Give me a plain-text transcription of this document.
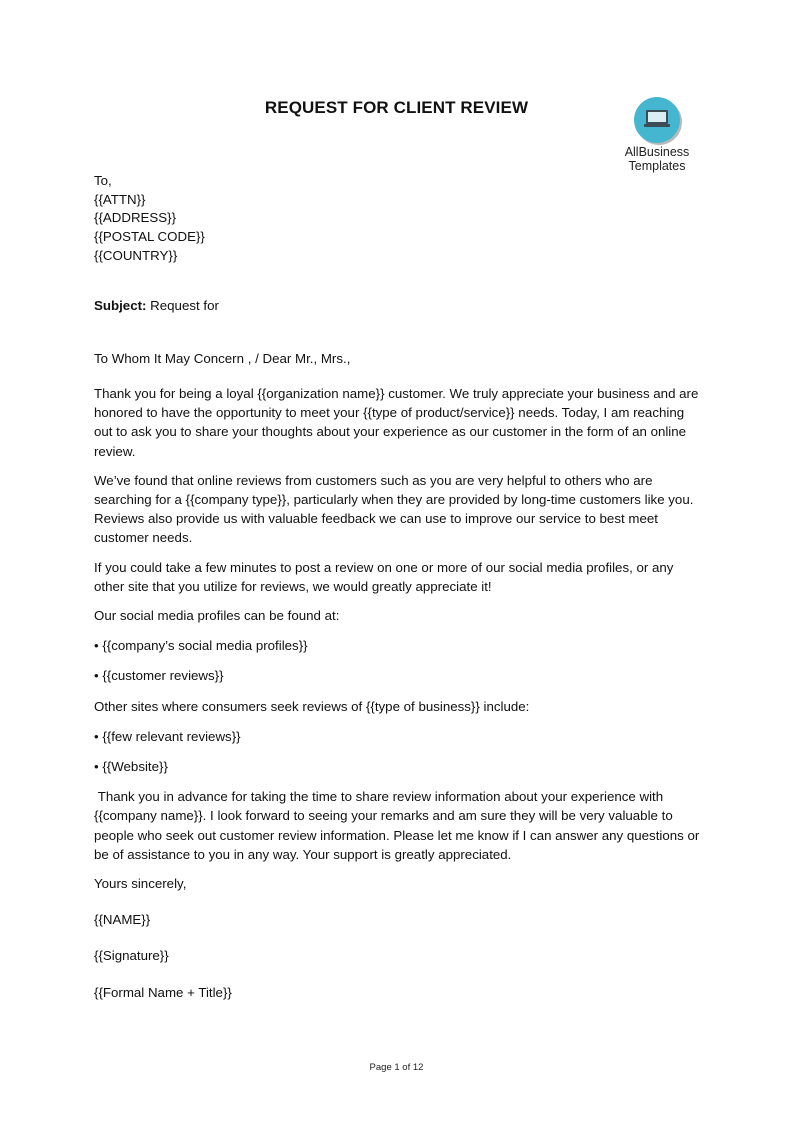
REQUEST FOR CLIENT REVIEW
AllBusiness
Templates
To,
{{ATTN}}
{{ADDRESS}}
{{POSTAL CODE}}
{{COUNTRY}}
Subject: Request for
To Whom It May Concern , / Dear Mr., Mrs.,
Thank you for being a loyal {{organization name}} customer. We truly appreciate your business and are honored to have the opportunity to meet your {{type of product/service}} needs. Today, I am reaching out to ask you to share your thoughts about your experience as our customer in the form of an online review.
We’ve found that online reviews from customers such as you are very helpful to others who are searching for a {{company type}}, particularly when they are provided by long-time customers like you. Reviews also provide us with valuable feedback we can use to improve our service to best meet customer needs.
If you could take a few minutes to post a review on one or more of our social media profiles, or any other site that you utilize for reviews, we would greatly appreciate it!
Our social media profiles can be found at:
• {{company’s social media profiles}}
• {{customer reviews}}
Other sites where consumers seek reviews of {{type of business}} include:
• {{few relevant reviews}}
• {{Website}}
Thank you in advance for taking the time to share review information about your experience with {{company name}}. I look forward to seeing your remarks and am sure they will be very valuable to people who seek out customer review information. Please let me know if I can answer any questions or be of assistance to you in any way. Your support is greatly appreciated.
Yours sincerely,
{{NAME}}
{{Signature}}
{{Formal Name + Title}}
Page 1 of 12
